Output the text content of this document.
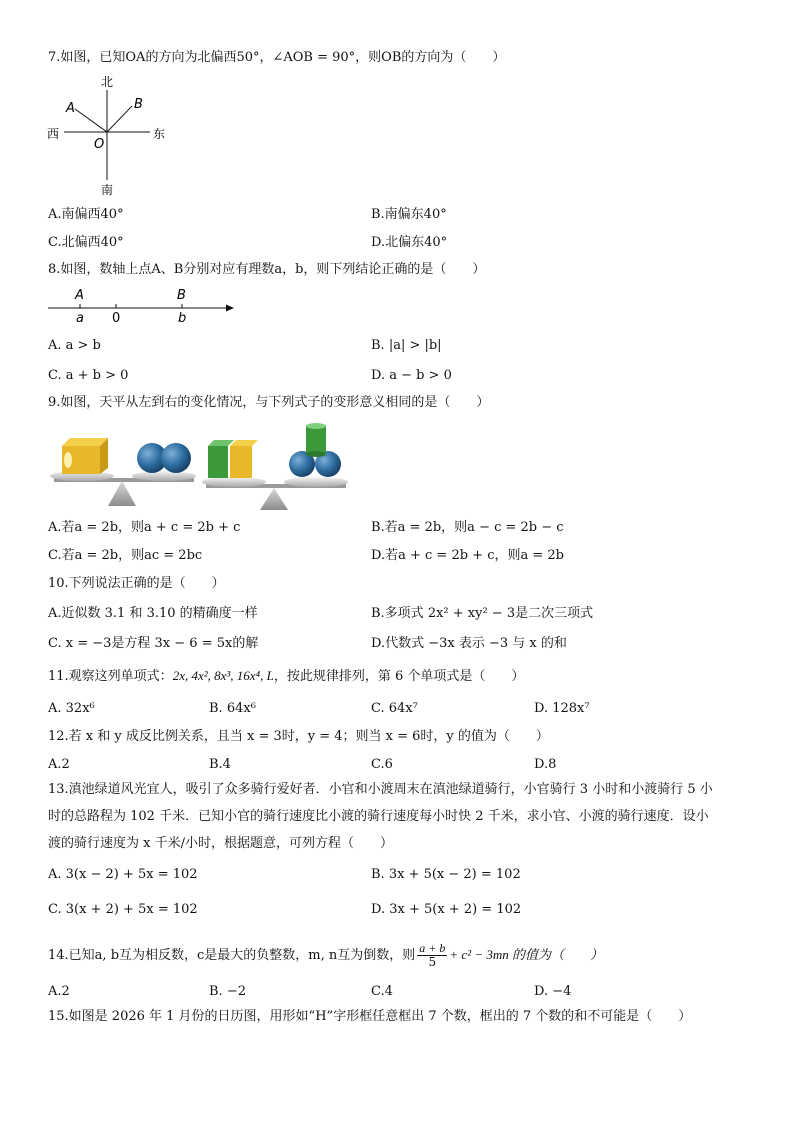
7.如图，已知OA的方向为北偏西50°，∠AOB = 90°，则OB的方向为（　　）
北
南
西	东
A	B
O
A.南偏西40°	B.南偏东40°
C.北偏西40°	D.北偏东40°
8.如图，数轴上点A、B分别对应有理数a，b，则下列结论正确的是（　　）
A	B
a 0	b
A. a > b	B. |a| > |b|
C. a + b > 0	D. a − b > 0
9.如图，天平从左到右的变化情况，与下列式子的变形意义相同的是（　　）
A.若a = 2b，则a + c = 2b + c	B.若a = 2b，则a − c = 2b − c
C.若a = 2b，则ac = 2bc	D.若a + c = 2b + c，则a = 2b
10.下列说法正确的是（　　）
A.近似数 3.1 和 3.10 的精确度一样	B.多项式 2x² + xy² − 3是二次三项式
C. x = −3是方程 3x − 6 = 5x的解	D.代数式 −3x 表示 −3 与 x 的和
11.观察这列单项式：2x, 4x², 8x³, 16x⁴, L，按此规律排列，第 6 个单项式是（　　）
A. 32x⁶	B. 64x⁶	C. 64x⁷	D. 128x⁷
12.若 x 和 y 成反比例关系，且当 x = 3时，y = 4；则当 x = 6时，y 的值为（　　）
A.2	B.4	C.6	D.8
13.滇池绿道风光宜人，吸引了众多骑行爱好者．小官和小渡周末在滇池绿道骑行，小官骑行 3 小时和小渡骑行 5 小
时的总路程为 102 千米．已知小官的骑行速度比小渡的骑行速度每小时快 2 千米，求小官、小渡的骑行速度．设小
渡的骑行速度为 x 千米/小时，根据题意，可列方程（　　）
A. 3(x − 2) + 5x = 102	B. 3x + 5(x − 2) = 102
C. 3(x + 2) + 5x = 102	D. 3x + 5(x + 2) = 102
14.已知a, b互为相反数，c是最大的负整数，m, n互为倒数，则 $\frac{a + b}{5} + c^2 - 3mn$ 的值为（　　）
A.2	B. −2	C.4	D. −4
15.如图是 2026 年 1 月份的日历图，用形如“H”字形框任意框出 7 个数，框出的 7 个数的和不可能是（　　）
